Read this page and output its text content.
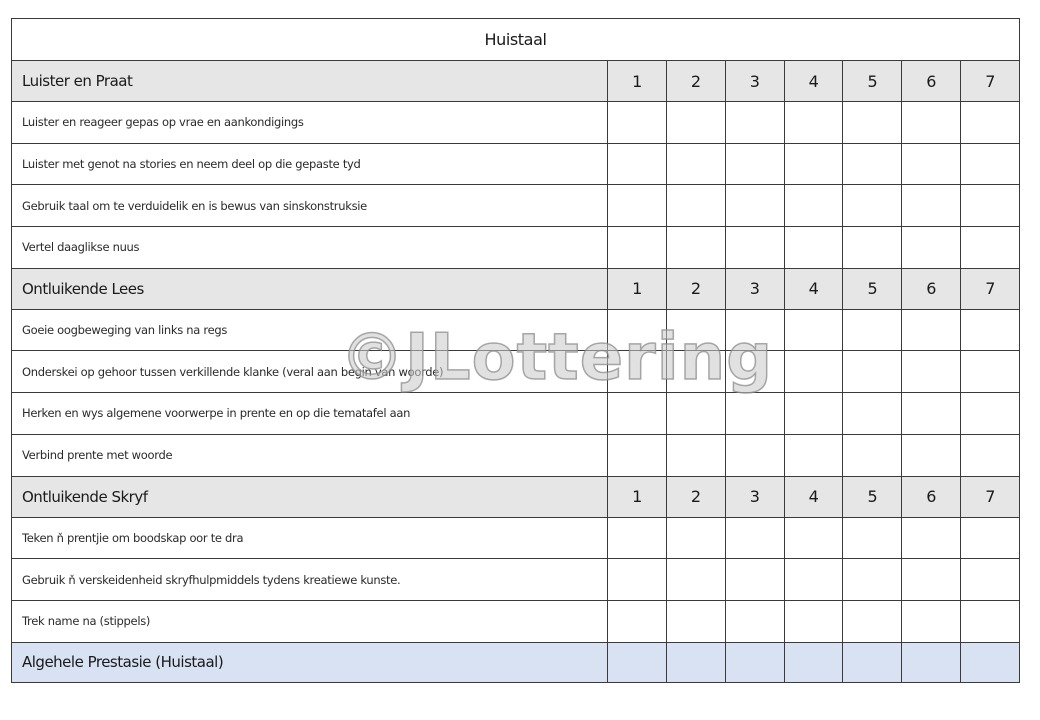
Huistaal							
Luister en Praat	1	2	3	4	5	6	7
Luister en reageer gepas op vrae en aankondigings							
Luister met genot na stories en neem deel op die gepaste tyd							
Gebruik taal om te verduidelik en is bewus van sinskonstruksie							
Vertel daaglikse nuus							
Ontluikende Lees	1	2	3	4	5	6	7
Goeie oogbeweging van links na regs							
Onderskei op gehoor tussen verkillende klanke (veral aan begin van woorde)							
Herken en wys algemene voorwerpe in prente en op die tematafel aan							
Verbind prente met woorde							
Ontluikende Skryf	1	2	3	4	5	6	7
Teken ň prentjie om boodskap oor te dra							
Gebruik ň verskeidenheid skryfhulpmiddels tydens kreatiewe kunste.							
Trek name na (stippels)							
Algehele Prestasie (Huistaal)							
©JLottering
